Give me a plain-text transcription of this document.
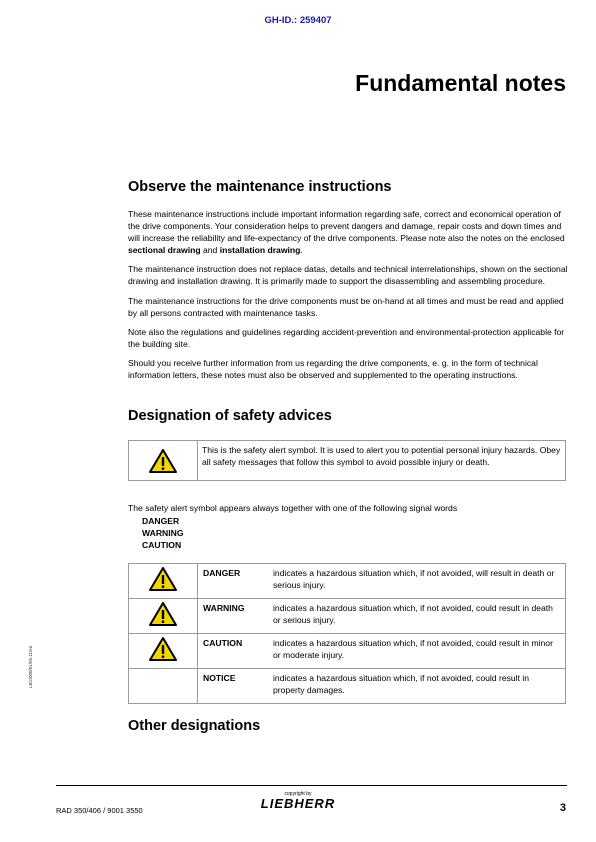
GH-ID.: 259407
Fundamental notes
Observe the maintenance instructions

These maintenance instructions include important information regarding safe, correct and economical operation of the drive components. Your consideration helps to prevent dangers and damage, repair costs and down times and will increase the reliability and life-expectancy of the drive components. Please note also the notes on the enclosed sectional drawing and installation drawing.

The maintenance instruction does not replace datas, details and technical interrelationships, shown on the sectional drawing and installation drawing. It is primarily made to support the disassembling and assembling procedure.

The maintenance instructions for the drive components must be on-hand at all times and must be read and applied by all persons contracted with maintenance tasks.

Note also the regulations and guidelines regarding accident-prevention and environmental-protection applicable for the building site.

Should you receive further information from us regarding the drive components, e. g. in the form of technical information letters, these notes must also be observed and supplemented to the operating instructions.

Designation of safety advices
This is the safety alert symbol. It is used to alert you to potential personal injury hazards. Obey all safety messages that follow this symbol to avoid possible injury or death.
The safety alert symbol appears always together with one of the following signal words
DANGER
WARNING
CAUTION
	DANGER	indicates a hazardous situation which, if not avoided, will result in death or serious injury.
	WARNING	indicates a hazardous situation which, if not avoided, could result in death or serious injury.
	CAUTION	indicates a hazardous situation which, if not avoided, could result in minor or moderate injury.
	NOTICE	indicates a hazardous situation which, if not avoided, could result in property damages.
Other designations
LBC/000/01/09.11/en
RAD 350/406 / 9001 3550
copyright by
LIEBHERR	3
